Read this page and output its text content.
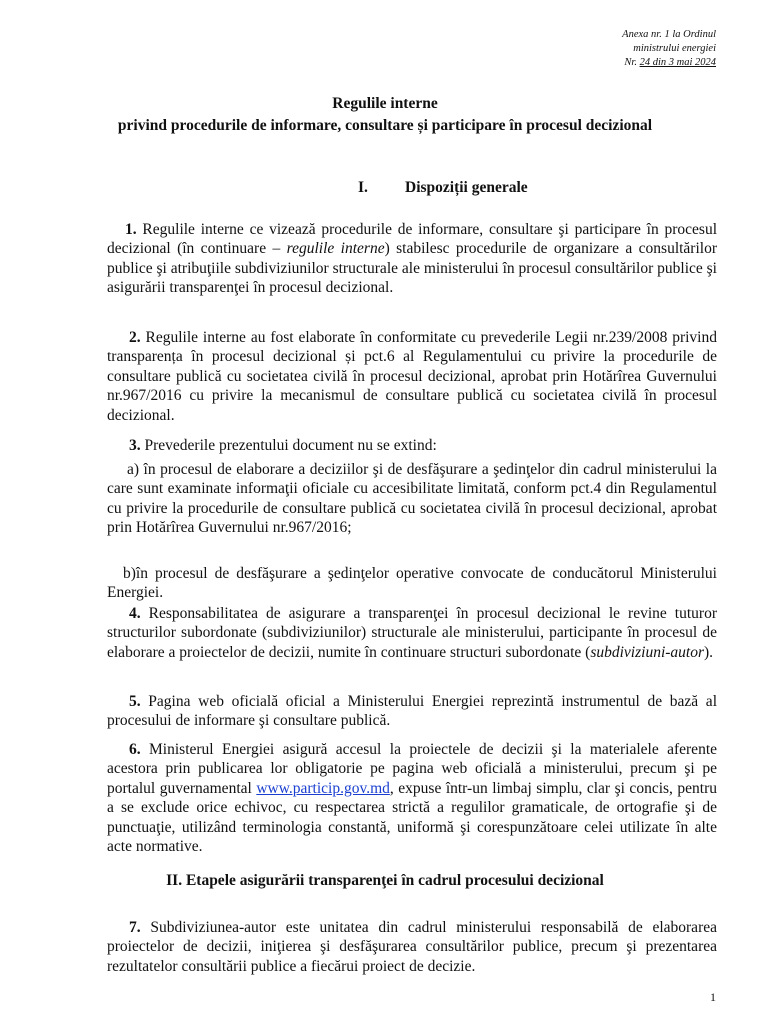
Anexa nr. 1 la Ordinul
ministrului energiei
Nr. 24 din 3 mai 2024
Regulile interne
privind procedurile de informare, consultare și participare în procesul decizional
I. Dispoziții generale

1. Regulile interne ce vizează procedurile de informare, consultare şi participare în procesul decizional (în continuare – regulile interne) stabilesc procedurile de organizare a consultărilor publice şi atribuţiile subdiviziunilor structurale ale ministerului în procesul consultărilor publice şi asigurării transparenţei în procesul decizional.

2. Regulile interne au fost elaborate în conformitate cu prevederile Legii nr.239/2008 privind transparența în procesul decizional și pct.6 al Regulamentului cu privire la procedurile de consultare publică cu societatea civilă în procesul decizional, aprobat prin Hotărîrea Guvernului nr.967/2016 cu privire la mecanismul de consultare publică cu societatea civilă în procesul decizional.

3. Prevederile prezentului document nu se extind:

a) în procesul de elaborare a deciziilor şi de desfăşurare a şedinţelor din cadrul ministerului la care sunt examinate informaţii oficiale cu accesibilitate limitată, conform pct.4 din Regulamentul cu privire la procedurile de consultare publică cu societatea civilă în procesul decizional, aprobat prin Hotărîrea Guvernului nr.967/2016;

b)în procesul de desfăşurare a şedinţelor operative convocate de conducătorul Ministerului Energiei.

4. Responsabilitatea de asigurare a transparenţei în procesul decizional le revine tuturor structurilor subordonate (subdiviziunilor) structurale ale ministerului, participante în procesul de elaborare a proiectelor de decizii, numite în continuare structuri subordonate (subdiviziuni-autor).

5. Pagina web oficială oficial a Ministerului Energiei reprezintă instrumentul de bază al procesului de informare şi consultare publică.

6. Ministerul Energiei asigură accesul la proiectele de decizii şi la materialele aferente acestora prin publicarea lor obligatorie pe pagina web oficială a ministerului, precum şi pe portalul guvernamental www.particip.gov.md, expuse într-un limbaj simplu, clar şi concis, pentru a se exclude orice echivoc, cu respectarea strictă a regulilor gramaticale, de ortografie şi de punctuaţie, utilizând terminologia constantă, uniformă şi corespunzătoare celei utilizate în alte acte normative.

II. Etapele asigurării transparenţei în cadrul procesului decizional

7. Subdiviziunea-autor este unitatea din cadrul ministerului responsabilă de elaborarea proiectelor de decizii, iniţierea şi desfăşurarea consultărilor publice, precum şi prezentarea rezultatelor consultării publice a fiecărui proiect de decizie.

1
